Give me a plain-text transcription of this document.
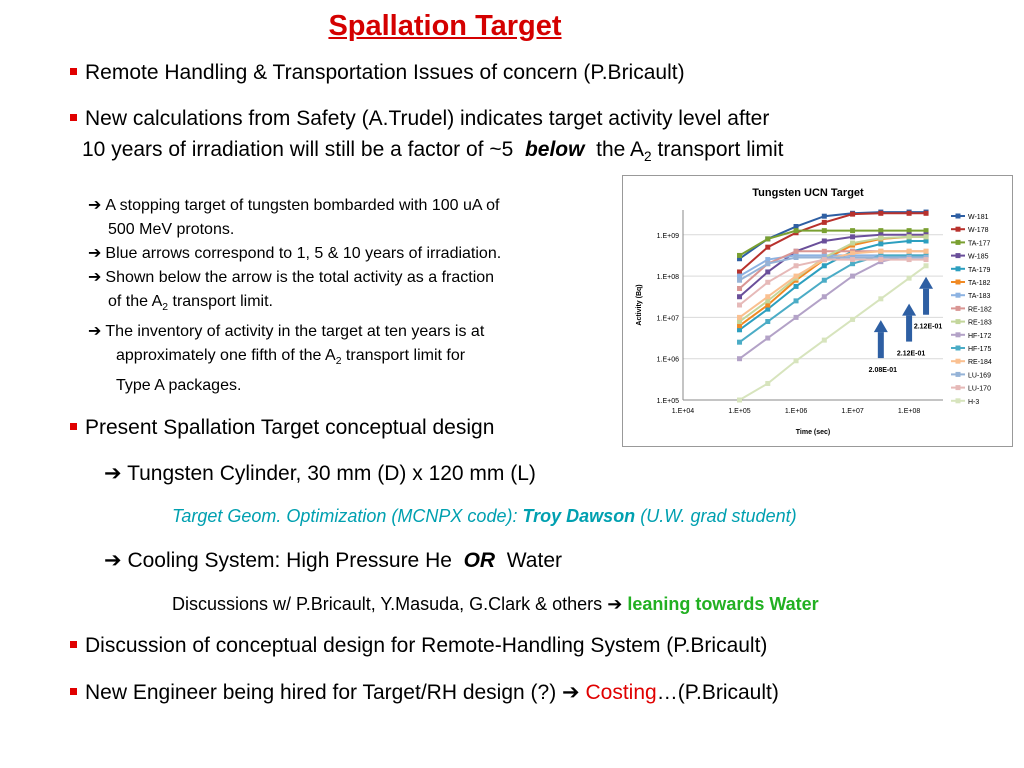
Spallation Target
Remote Handling & Transportation Issues of concern (P.Bricault)
New calculations from Safety (A.Trudel) indicates target activity level after
10 years of irradiation will still be a factor of ~5 below the $A_2$ transport limit
➔ A stopping target of tungsten bombarded with 100 uA of
500 MeV protons.
➔ Blue arrows correspond to 1, 5 & 10 years of irradiation.
➔ Shown below the arrow is the total activity as a fraction
of the $A_2$ transport limit.
➔ The inventory of activity in the target at ten years is at
approximately one fifth of the $A_2$ transport limit for
Type A packages.
Tungsten UCN Target
1.E+05
1.E+06
1.E+07
1.E+08
1.E+09
1.E+04	1.E+05	1.E+06	1.E+07	1.E+08
Time (sec)
Activity (Bq)
W-181
W-178
TA-177
W-185
TA-179
TA-182
TA-183
RE-182
RE-183
HF-172
HF-175
RE-184
LU-169
LU-170
H-3
2.12E-01
2.12E-01
2.08E-01
Present Spallation Target conceptual design
➔ Tungsten Cylinder, 30 mm (D) x 120 mm (L)
Target Geom. Optimization (MCNPX code): Troy Dawson (U.W. grad student)
➔ Cooling System: High Pressure He OR Water
Discussions w/ P.Bricault, Y.Masuda, G.Clark & others ➔ leaning towards Water
Discussion of conceptual design for Remote-Handling System (P.Bricault)
New Engineer being hired for Target/RH design (?) ➔ Costing…(P.Bricault)
